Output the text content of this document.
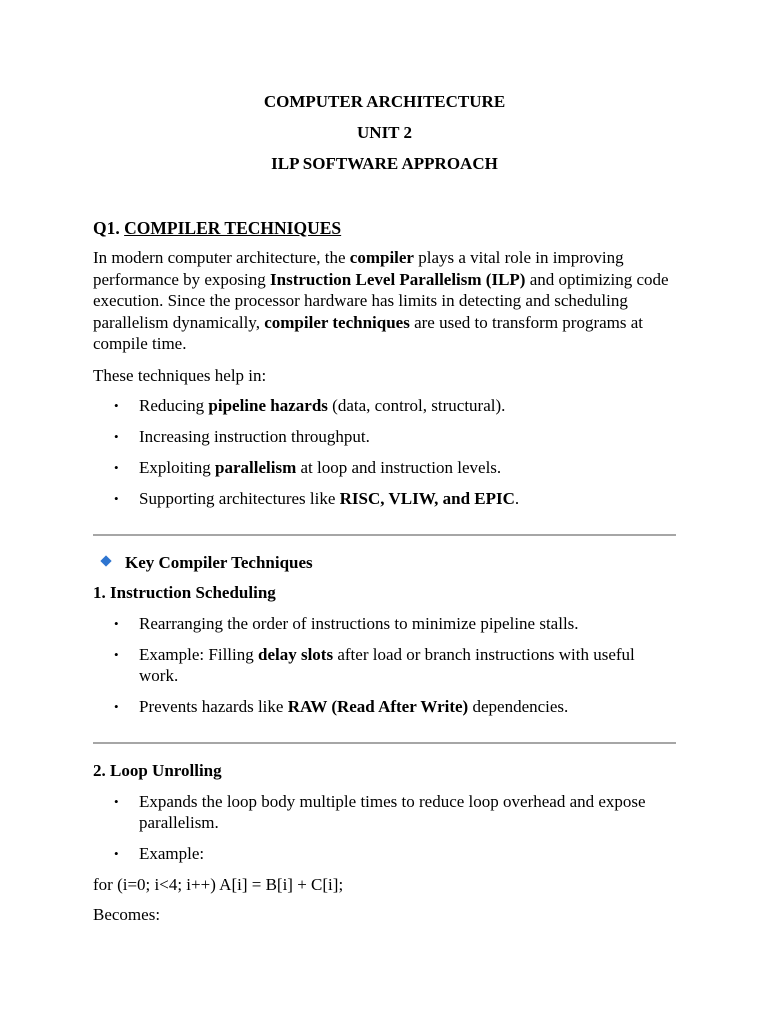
COMPUTER ARCHITECTURE
UNIT 2
ILP SOFTWARE APPROACH
Q1. COMPILER TECHNIQUES

In modern computer architecture, the compiler plays a vital role in improving performance by exposing Instruction Level Parallelism (ILP) and optimizing code execution. Since the processor hardware has limits in detecting and scheduling parallelism dynamically, compiler techniques are used to transform programs at compile time.

These techniques help in:

• Reducing pipeline hazards (data, control, structural).
• Increasing instruction throughput.
• Exploiting parallelism at loop and instruction levels.
• Supporting architectures like RISC, VLIW, and EPIC.
Key Compiler Techniques
1. Instruction Scheduling
• Rearranging the order of instructions to minimize pipeline stalls.
• Example: Filling delay slots after load or branch instructions with useful work.
• Prevents hazards like RAW (Read After Write) dependencies.
2. Loop Unrolling
• Expands the loop body multiple times to reduce loop overhead and expose parallelism.
• Example:

for (i=0; i<4; i++) A[i] = B[i] + C[i];

Becomes:
